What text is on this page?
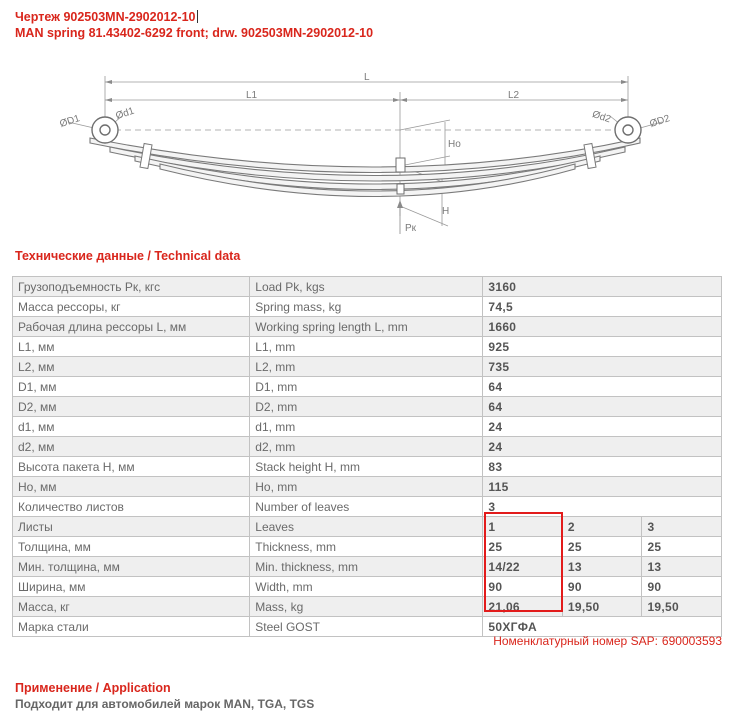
Чертеж 902503MN-2902012-10
MAN spring 81.43402-6292 front; drw. 902503MN-2902012-10
L
L1	L2
ØD1	Ød1	Ød2	ØD2
Ho
H
Pк
Технические данные / Technical data
Грузоподъемность Pк, кгс	Load Pk, kgs	3160		
Масса рессоры, кг	Spring mass, kg	74,5		
Рабочая длина рессоры L, мм	Working spring length L, mm	1660		
L1, мм	L1, mm	925		
L2, мм	L2, mm	735		
D1, мм	D1, mm	64		
D2, мм	D2, mm	64		
d1, мм	d1, mm	24		
d2, мм	d2, mm	24		
Высота пакета H, мм	Stack height H, mm	83		
Ho, мм	Ho, mm	115		
Количество листов	Number of leaves	3		
Листы	Leaves	1	2	3
Толщина, мм	Thickness, mm	25	25	25
Мин. толщина, мм	Min. thickness, mm	14/22	13	13
Ширина, мм	Width, mm	90	90	90
Масса, кг	Mass, kg	21,06	19,50	19,50
Марка стали	Steel GOST	50ХГФА		
Номенклатурный номер SAP: 690003593
Применение / Application
Подходит для автомобилей марок MAN, TGA, TGS
